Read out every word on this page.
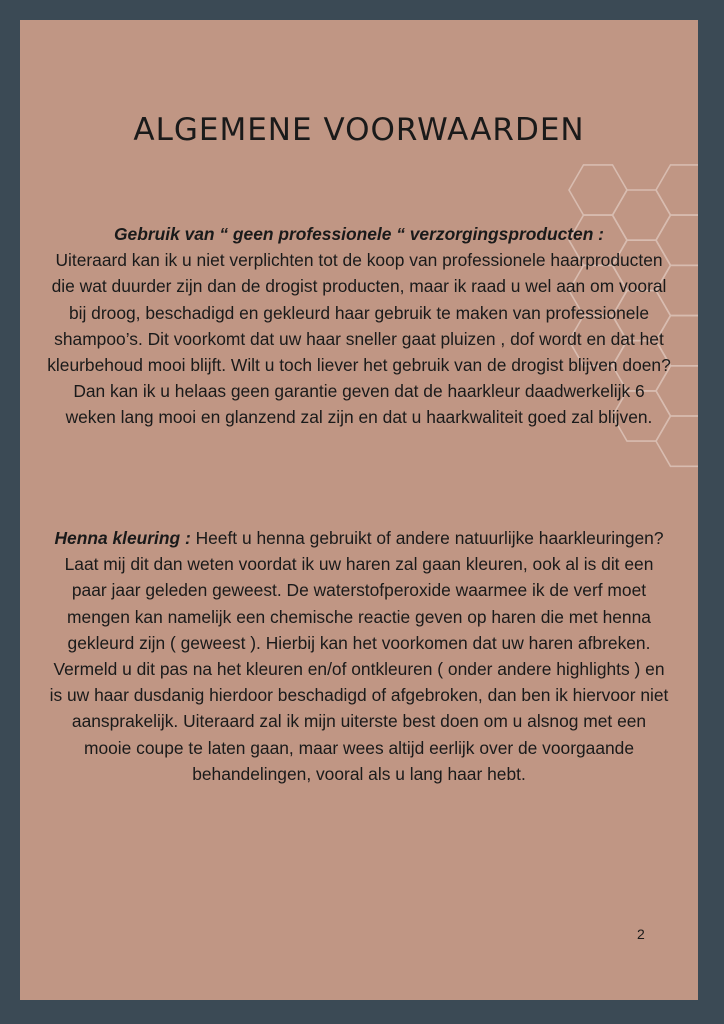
ALGEMENE VOORWAARDEN

Gebruik van “ geen professionele “ verzorgingsproducten :
Uiteraard kan ik u niet verplichten tot de koop van professionele haarproducten die wat duurder zijn dan de drogist producten, maar ik raad u wel aan om vooral bij droog, beschadigd en gekleurd haar gebruik te maken van professionele shampoo’s. Dit voorkomt dat uw haar sneller gaat pluizen , dof wordt en dat het kleurbehoud mooi blijft. Wilt u toch liever het gebruik van de drogist blijven doen? Dan kan ik u helaas geen garantie geven dat de haarkleur daadwerkelijk 6 weken lang mooi en glanzend zal zijn en dat u haarkwaliteit goed zal blijven.

Henna kleuring : Heeft u henna gebruikt of andere natuurlijke haarkleuringen? Laat mij dit dan weten voordat ik uw haren zal gaan kleuren, ook al is dit een paar jaar geleden geweest. De waterstofperoxide waarmee ik de verf moet mengen kan namelijk een chemische reactie geven op haren die met henna gekleurd zijn ( geweest ). Hierbij kan het voorkomen dat uw haren afbreken. Vermeld u dit pas na het kleuren en/of ontkleuren ( onder andere highlights ) en is uw haar dusdanig hierdoor beschadigd of afgebroken, dan ben ik hiervoor niet aansprakelijk. Uiteraard zal ik mijn uiterste best doen om u alsnog met een mooie coupe te laten gaan, maar wees altijd eerlijk over de voorgaande behandelingen, vooral als u lang haar hebt.

2
